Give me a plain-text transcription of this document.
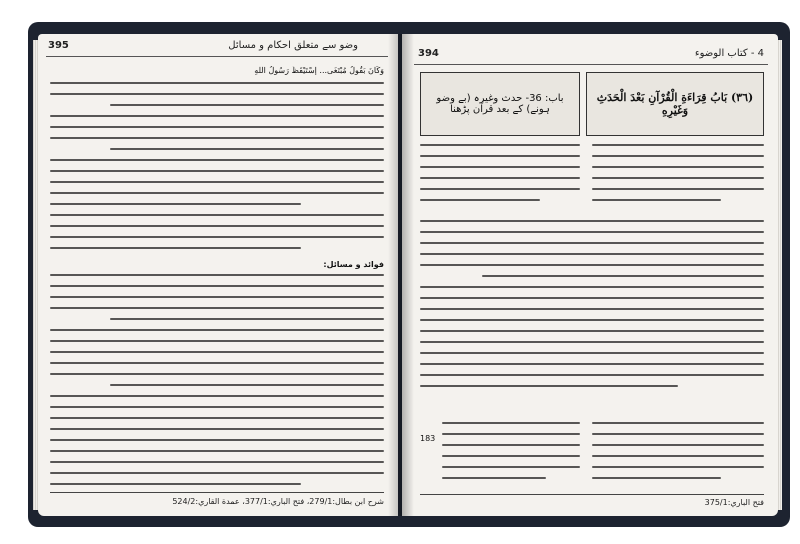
395	وضو سے متعلق احکام و مسائل
وَكَانَ بَقُولُ مُبْتَغَى... إِسْتَيْقَظَ رَسُولُ اللهِ
فوائد و مسائل:
شرح ابن بطال:279/1، فتح الباري:377/1، عمدة القاري:524/2
394	4 - كتاب الوضوء
(٣٦) بَابُ قِرَاءَةِ الْقُرْآنِ بَعْدَ الْحَدَثِ وَغَيْرِهِ
باب: 36- حدث وغیرہ (بے وضو ہونے) کے بعد قرآن پڑھنا
183
فتح الباري:375/1
